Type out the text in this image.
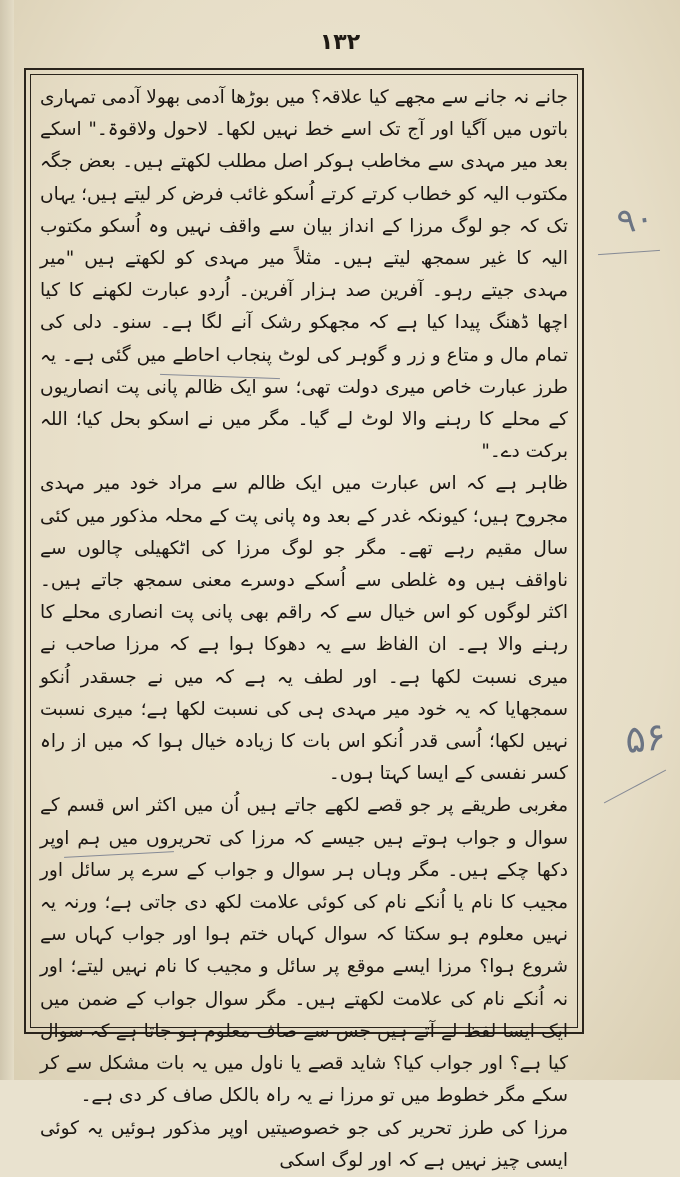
۱۳۲

جانے نہ جانے سے مجھے کیا علاقہ؟ میں بوڑھا آدمی بھولا آدمی تمہاری باتوں میں آگیا اور آج تک اسے خط نہیں لکھا۔ لاحول ولاقوۃ۔" اسکے بعد میر مہدی سے مخاطب ہوکر اصل مطلب لکھتے ہیں۔ بعض جگہ مکتوب الیہ کو خطاب کرتے کرتے اُسکو غائب فرض کر لیتے ہیں؛ یہاں تک کہ جو لوگ مرزا کے انداز بیان سے واقف نہیں وہ اُسکو مکتوب الیہ کا غیر سمجھ لیتے ہیں۔ مثلاً میر مہدی کو لکھتے ہیں "میر مہدی جیتے رہو۔ آفرین صد ہزار آفرین۔ اُردو عبارت لکھنے کا کیا اچھا ڈھنگ پیدا کیا ہے کہ مجھکو رشک آنے لگا ہے۔ سنو۔ دلی کی تمام مال و متاع و زر و گوہر کی لوٹ پنجاب احاطے میں گئی ہے۔ یہ طرز عبارت خاص میری دولت تھی؛ سو ایک ظالم پانی پت انصاریوں کے محلے کا رہنے والا لوٹ لے گیا۔ مگر میں نے اسکو بحل کیا؛ اللہ برکت دے۔"

ظاہر ہے کہ اس عبارت میں ایک ظالم سے مراد خود میر مہدی مجروح ہیں؛ کیونکہ غدر کے بعد وہ پانی پت کے محلہ مذکور میں کئی سال مقیم رہے تھے۔ مگر جو لوگ مرزا کی اٹکھیلی چالوں سے ناواقف ہیں وہ غلطی سے اُسکے دوسرے معنی سمجھ جاتے ہیں۔ اکثر لوگوں کو اس خیال سے کہ راقم بھی پانی پت انصاری محلے کا رہنے والا ہے۔ ان الفاظ سے یہ دھوکا ہوا ہے کہ مرزا صاحب نے میری نسبت لکھا ہے۔ اور لطف یہ ہے کہ میں نے جسقدر اُنکو سمجھایا کہ یہ خود میر مہدی ہی کی نسبت لکھا ہے؛ میری نسبت نہیں لکھا؛ اُسی قدر اُنکو اس بات کا زیادہ خیال ہوا کہ میں از راہ کسر نفسی کے ایسا کہتا ہوں۔

مغربی طریقے پر جو قصے لکھے جاتے ہیں اُن میں اکثر اس قسم کے سوال و جواب ہوتے ہیں جیسے کہ مرزا کی تحریروں میں ہم اوپر دکھا چکے ہیں۔ مگر وہاں ہر سوال و جواب کے سرے پر سائل اور مجیب کا نام یا اُنکے نام کی کوئی علامت لکھ دی جاتی ہے؛ ورنہ یہ نہیں معلوم ہو سکتا کہ سوال کہاں ختم ہوا اور جواب کہاں سے شروع ہوا؟ مرزا ایسے موقع پر سائل و مجیب کا نام نہیں لیتے؛ اور نہ اُنکے نام کی علامت لکھتے ہیں۔ مگر سوال جواب کے ضمن میں ایک ایسا لفظ لے آتے ہیں جس سے صاف معلوم ہو جاتا ہے کہ سوال کیا ہے؟ اور جواب کیا؟ شاید قصے یا ناول میں یہ بات مشکل سے کر سکے مگر خطوط میں تو مرزا نے یہ راہ بالکل صاف کر دی ہے۔

مرزا کی طرز تحریر کی جو خصوصیتیں اوپر مذکور ہوئیں یہ کوئی ایسی چیز نہیں ہے کہ اور لوگ اسکی

۹۰
۵۶
